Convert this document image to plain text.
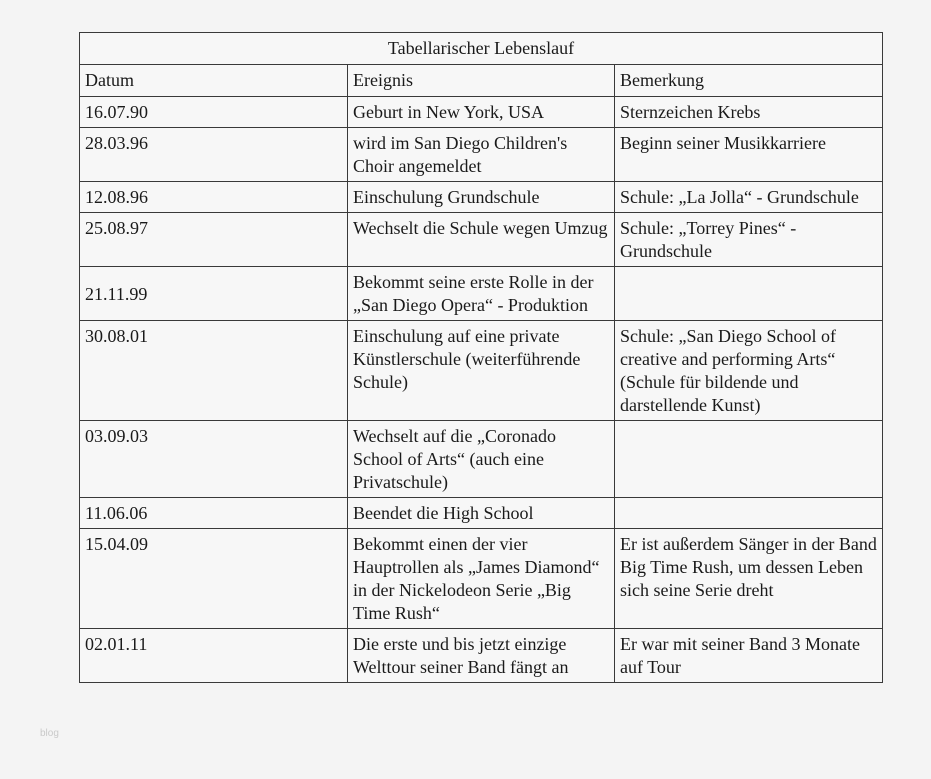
Tabellarischer Lebenslauf		
Datum	Ereignis	Bemerkung
16.07.90	Geburt in New York, USA	Sternzeichen Krebs
28.03.96	wird im San Diego Children's Choir angemeldet	Beginn seiner Musikkarriere
12.08.96	Einschulung Grundschule	Schule: „La Jolla“ - Grundschule
25.08.97	Wechselt die Schule wegen Umzug	Schule: „Torrey Pines“ - Grundschule
21.11.99	Bekommt seine erste Rolle in der „San Diego Opera“ - Produktion	
30.08.01	Einschulung auf eine private Künstlerschule (weiterführende Schule)	Schule: „San Diego School of creative and performing Arts“ (Schule für bildende und darstellende Kunst)
03.09.03	Wechselt auf die „Coronado School of Arts“ (auch eine Privatschule)	
11.06.06	Beendet die High School	
15.04.09	Bekommt einen der vier Hauptrollen als „James Diamond“ in der Nickelodeon Serie „Big Time Rush“	Er ist außerdem Sänger in der Band Big Time Rush, um dessen Leben sich seine Serie dreht
02.01.11	Die erste und bis jetzt einzige Welttour seiner Band fängt an	Er war mit seiner Band 3 Monate auf Tour
blog
